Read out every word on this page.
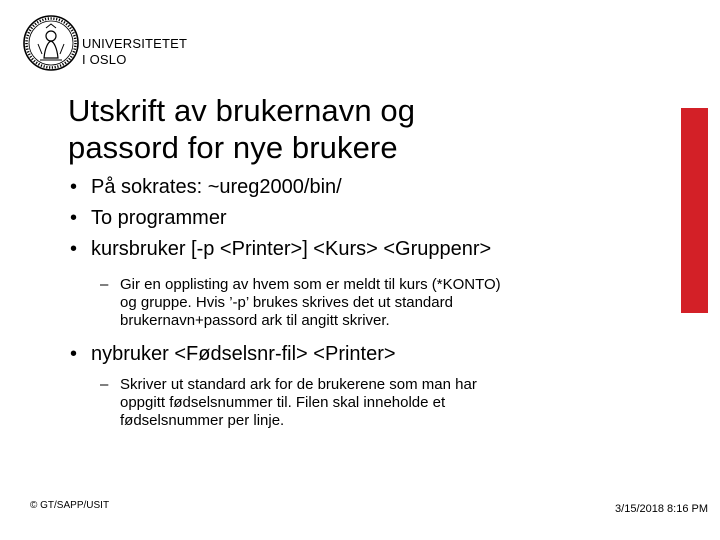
UNIVERSITETET
I OSLO
Utskrift av brukernavn og
passord for nye brukere
• På sokrates: ~ureg2000/bin/
• To programmer
• kursbruker [-p <Printer>] <Kurs> <Gruppenr>
– Gir en opplisting av hvem som er meldt til kurs (*KONTO)
og gruppe. Hvis ’-p’ brukes skrives det ut standard
brukernavn+passord ark til angitt skriver.
• nybruker <Fødselsnr-fil> <Printer>
– Skriver ut standard ark for de brukerene som man har
oppgitt fødselsnummer til. Filen skal inneholde et
fødselsnummer per linje.
© GT/SAPP/USIT	3/15/2018 8:16 PM
